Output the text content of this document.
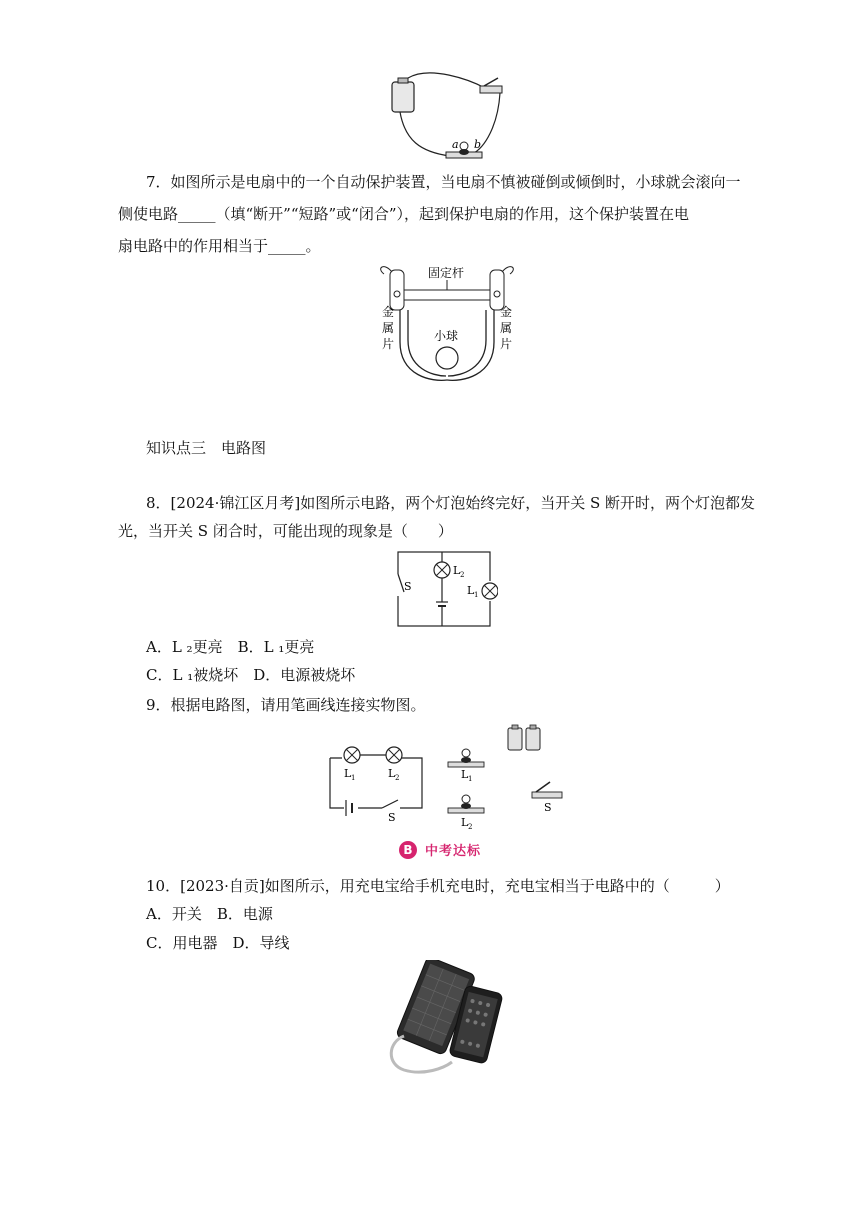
a b
7．如图所示是电扇中的一个自动保护装置，当电扇不慎被碰倒或倾倒时，小球就会滚向一
侧使电路_____（填“断开”“短路”或“闭合”），起到保护电扇的作用，这个保护装置在电
扇电路中的作用相当于_____。
固定杆
小球
金
属
片
金
属
片
知识点三　电路图
8．[2024·锦江区月考]如图所示电路，两个灯泡始终完好，当开关 S 断开时，两个灯泡都发
光，当开关 S 闭合时，可能出现的现象是（　　）
S
L 2
L 1
A．L ₂更亮　B．L ₁更亮
C．L ₁被烧坏　D．电源被烧坏
9．根据电路图，请用笔画线连接实物图。
L 1	L 2
S
L 1
L 2
S
B 中考达标
10．[2023·自贡]如图所示，用充电宝给手机充电时，充电宝相当于电路中的（　　　）
A．开关　B．电源
C．用电器　D．导线
